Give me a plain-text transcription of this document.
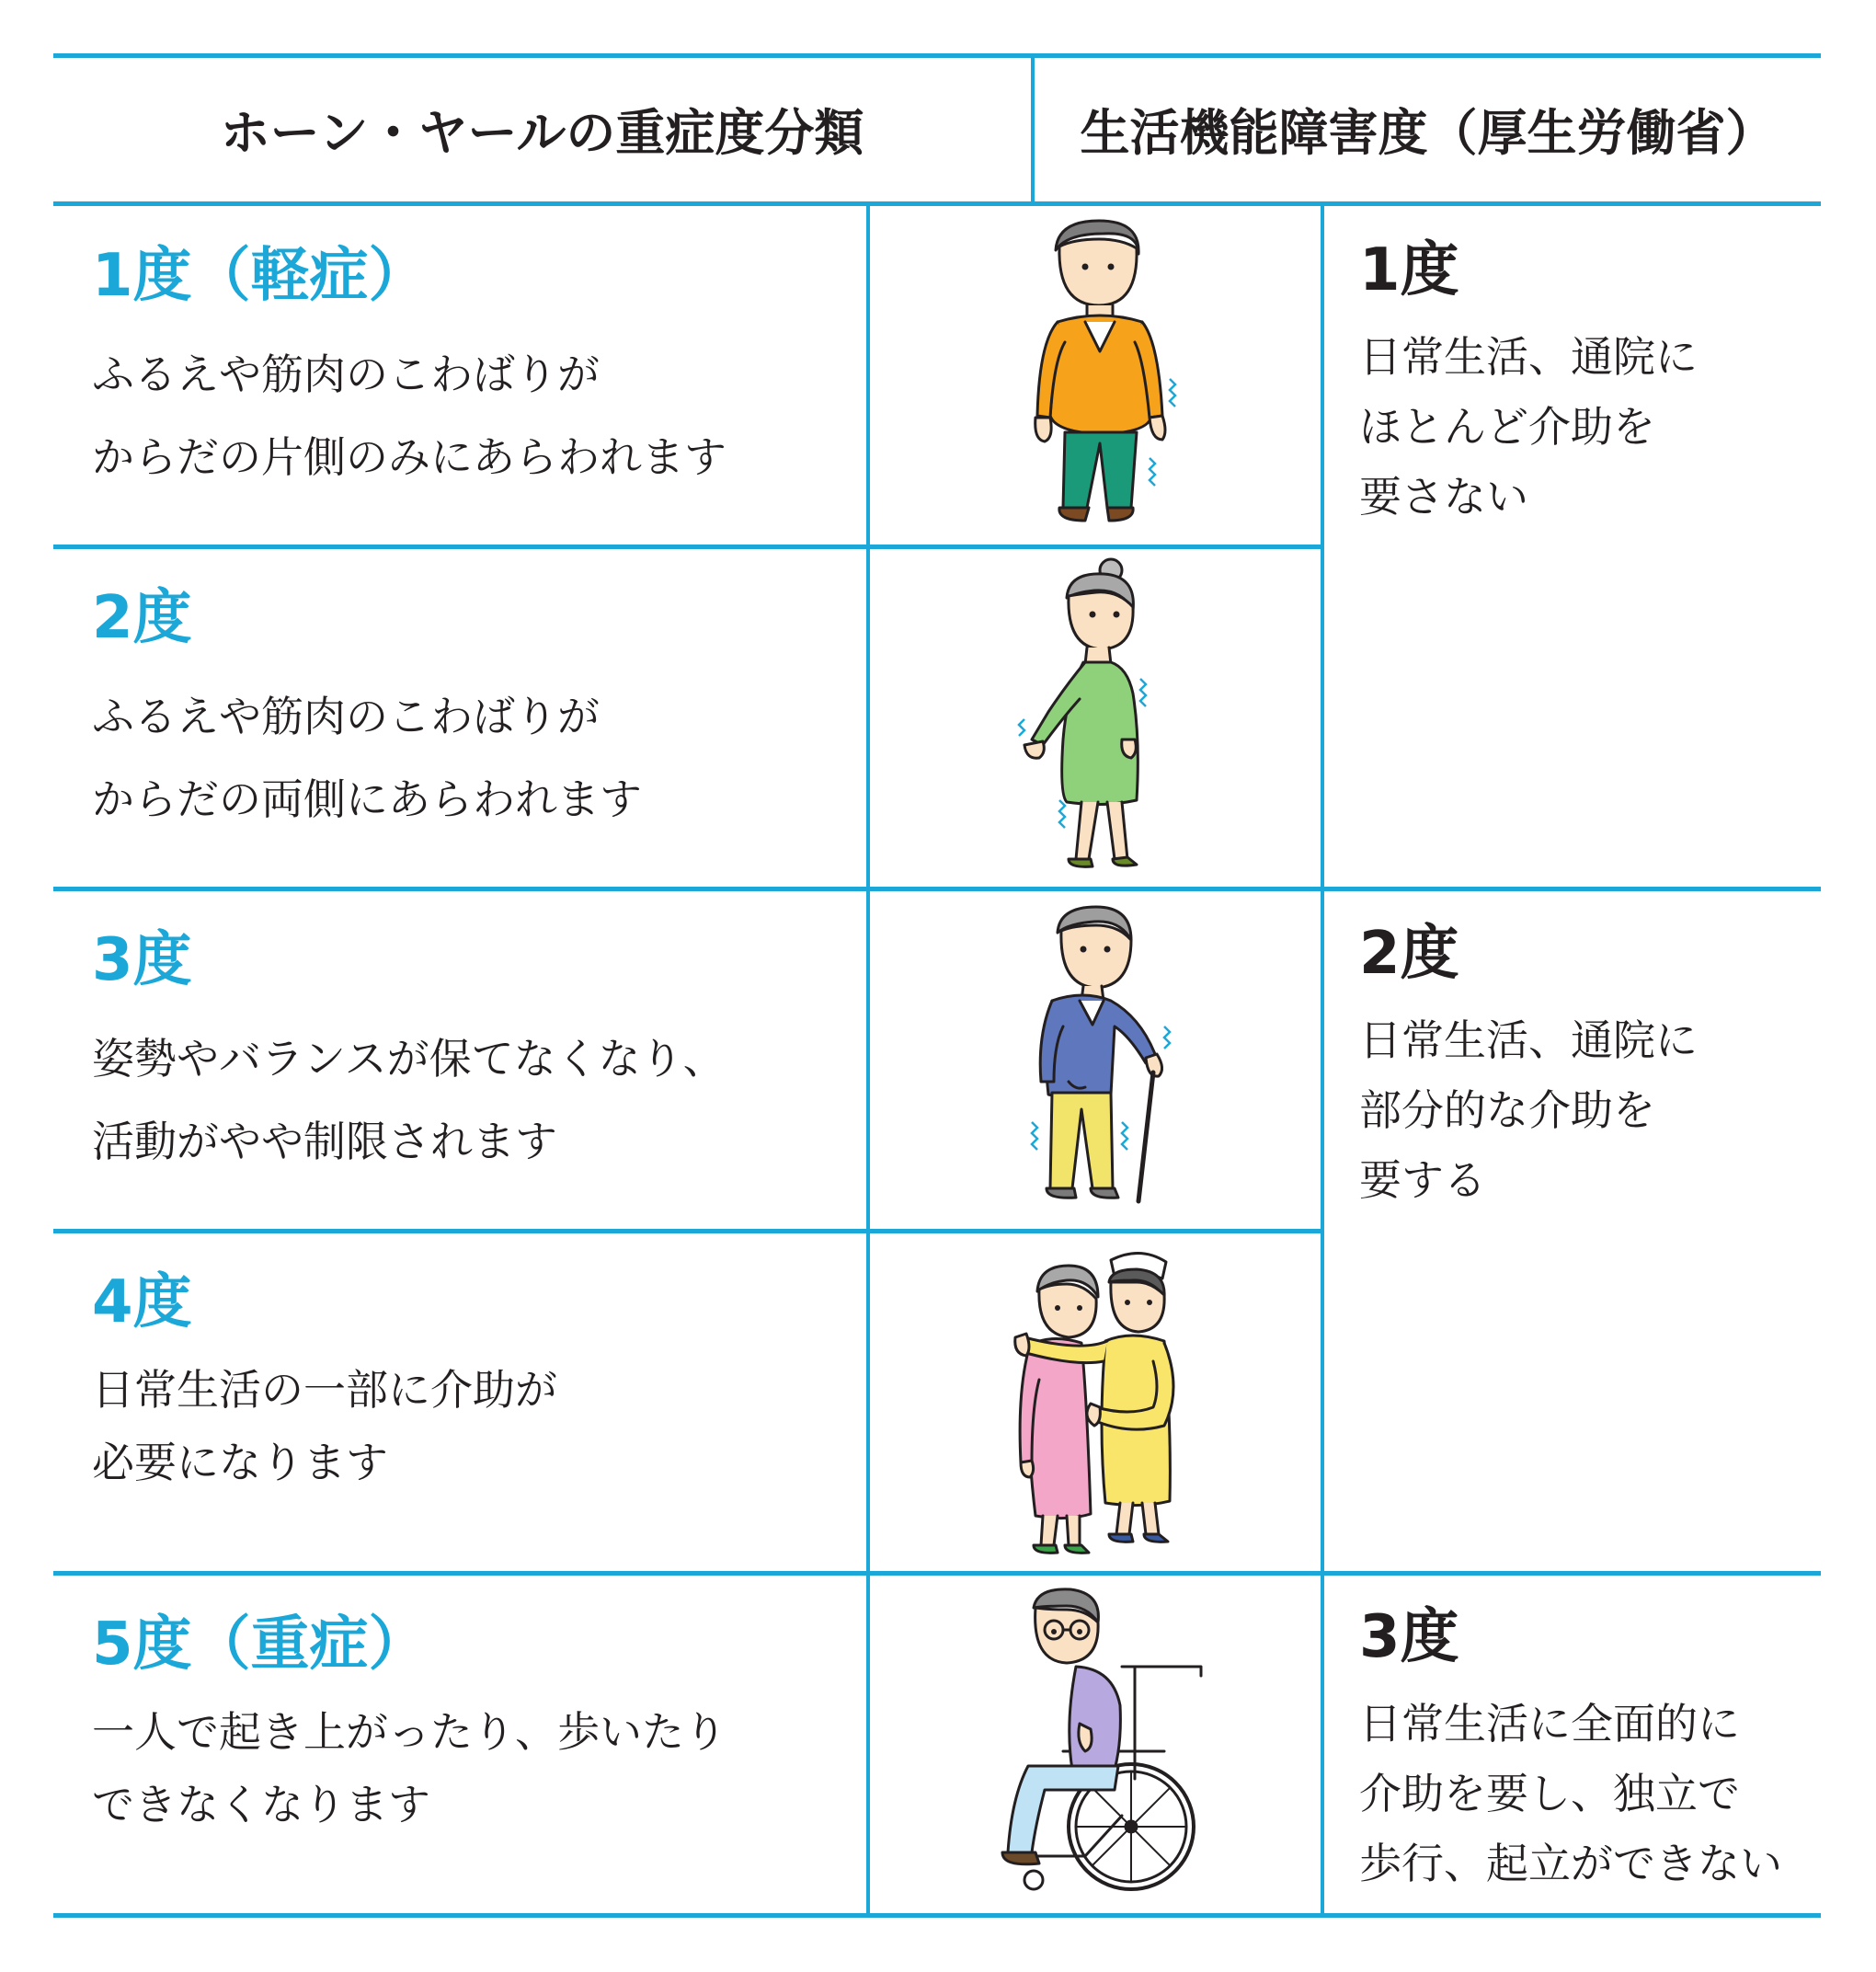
ホーン・ヤールの重症度分類	生活機能障害度（厚生労働省）
1度（軽症）
ふるえや筋肉のこわばりが
からだの片側のみにあらわれます
2度
ふるえや筋肉のこわばりが
からだの両側にあらわれます
3度
姿勢やバランスが保てなくなり、
活動がやや制限されます
4度
日常生活の一部に介助が
必要になります
5度（重症）
一人で起き上がったり、歩いたり
できなくなります
1度
日常生活、通院に
ほとんど介助を
要さない
2度
日常生活、通院に
部分的な介助を
要する
3度
日常生活に全面的に
介助を要し、独立で
歩行、起立ができない
